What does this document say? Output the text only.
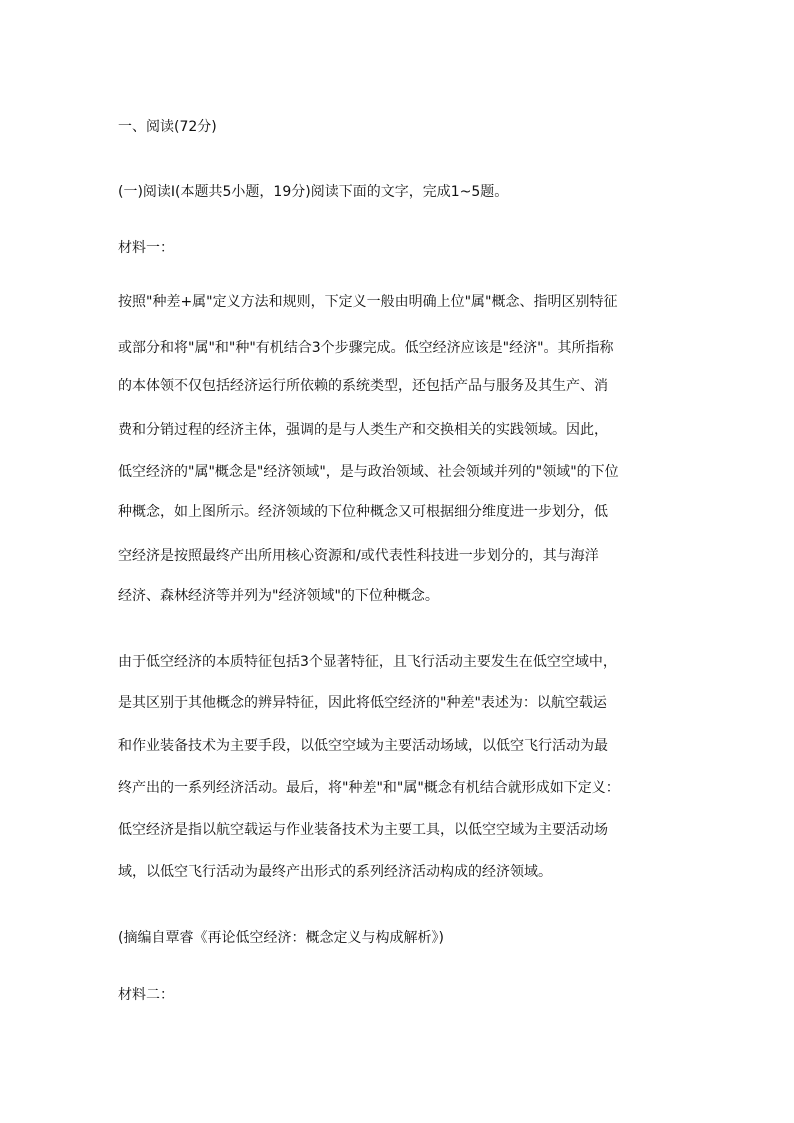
一、阅读(72分)
(一)阅读Ⅰ(本题共5小题，19分)阅读下面的文字，完成1~5题。
材料一：
按照"种差+属"定义方法和规则，下定义一般由明确上位"属"概念、指明区别特征
或部分和将"属"和"种"有机结合3个步骤完成。低空经济应该是"经济"。其所指称
的本体领不仅包括经济运行所依赖的系统类型，还包括产品与服务及其生产、消
费和分销过程的经济主体，强调的是与人类生产和交换相关的实践领域。因此，
低空经济的"属"概念是"经济领域"，是与政治领域、社会领域并列的"领域"的下位
种概念，如上图所示。经济领域的下位种概念又可根据细分维度进一步划分，低
空经济是按照最终产出所用核心资源和/或代表性科技进一步划分的，其与海洋
经济、森林经济等并列为"经济领域"的下位种概念。
由于低空经济的本质特征包括3个显著特征，且飞行活动主要发生在低空空域中，
是其区别于其他概念的辨异特征，因此将低空经济的"种差"表述为：以航空载运
和作业装备技术为主要手段，以低空空域为主要活动场域，以低空飞行活动为最
终产出的一系列经济活动。最后，将"种差"和"属"概念有机结合就形成如下定义：
低空经济是指以航空载运与作业装备技术为主要工具，以低空空域为主要活动场
域，以低空飞行活动为最终产出形式的系列经济活动构成的经济领域。
(摘编自覃睿《再论低空经济：概念定义与构成解析》)
材料二：
